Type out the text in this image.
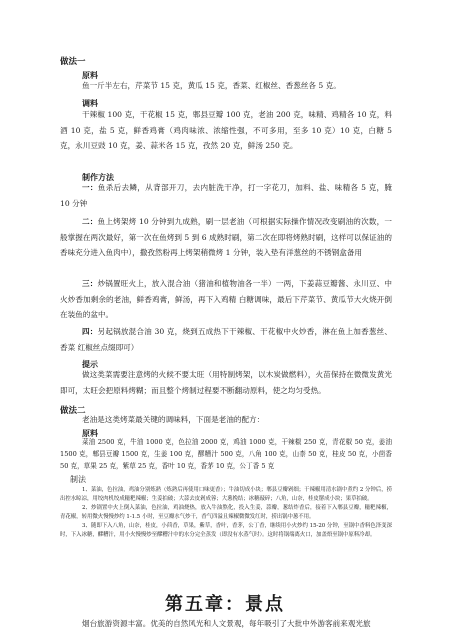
做法一
原料
鱼一斤半左右，芹菜节 15 克，黄瓜 15 克，香菜、红椒丝、香葱丝各 5 克。
调料
干辣椒 100 克，干花椒 15 克，郫县豆瓣 100 克，老油 200 克，味精、鸡精各 10 克，料酒 10 克，盐 5 克，鲜香鸡膏（鸡肉味浓、浓缩性强，不可多用，至多 10 克）10 克，白糖 5 克，永川豆豉 10 克，姜、蒜米各 15 克，孜然 20 克，鲜汤 250 克。
制作方法
一：鱼杀后去鳞，从背部开刀，去内脏洗干净，打一字花刀，加料、盐、味精各 5 克，腌 10 分钟
二：鱼上烤架烤 10 分钟到九成熟，刷一层老油（可根据实际操作情况改变刷油的次数，一般掌握在两次最好，第一次在鱼烤到 5 到 6 成熟时刷，第二次在即将烤熟时刷，这样可以保证油的香味充分进入鱼肉中），撒孜然粉再上烤架稍微烤 1 分钟，装入垫有洋葱丝的不锈钢盒备用
三：炒锅置旺火上，放入混合油（猪油和植物油各一半）一两，下姜蒜豆瓣酱、永川豆、中火炒香加剩余的老油，鲜香鸡膏，鲜汤，再下入鸡精 白糖调味，最后下芹菜节、黄瓜节大火烧开倒在装鱼的盆中。
四：另起锅放混合油 30 克，烧到五成热下干辣椒、干花椒中火炒香，淋在鱼上加香葱丝、香菜 红椒丝点缀即可）
提示
做这类菜需要注意烤的火候不要太旺（用特制烤架，以木炭做燃料），火苗保持在微微发黄光即可，太旺会把原料烤糊；而且整个烤制过程要不断翻动原料，使之均匀受热。
做法二
老油是这类烤菜最关键的调味料，下面是老油的配方：
原料
菜油 2500 克，牛油 1000 克，色拉油 2000 克，鸡油 1000 克，干辣椒 250 克，青花椒 50 克，姜油 1500 克，郫县豆瓣 1500 克，生姜 100 克，醪糟汁 500 克，八角 100 克，山柰 50 克，桂皮 50 克，小茴香 50 克，草果 25 克，紫草 25 克，香叶 10 克，香茅 10 克，公丁香 5 克
制法
1、菜油，色拉油，鸡油分别炼熟（炼熟后再使用口味更香）；牛油切成小块；郫县豆瓣剁细；干辣椒用清水锅中煮约 2 分钟后，捞出控水晾凉，用绞肉机绞成糍粑辣椒；生姜拍破；大蒜去皮剁成蓉；大葱挽结；冰糖敲碎；八角，山奈，桂皮掰成小块；果草拍破。
2、炒锅置中火上倒入菜油，色拉油，鸡油烧热，放入牛油熬化，投入生姜，蒜瓣，葱结炸香后，接着下入郫县豆瓣，糍粑辣椒，青花椒，转用微火慢慢炒约 1-1.5 小时，至豆瓣水气炒干，香气四溢且辣椒微微发红时，捞出锅中葱不用。
3、随即下入八角，山奈，桂皮，小茴香，草果，紫草，香叶，香茅，公丁香，继续用小火炒约 15-20 分钟，至锅中香料色泽变深时，下入冰糖，醪糟汁，用小火慢慢炒至醪糟汁中的水分完全蒸发（即没有水蒸气时）。这时将锅端离火口，加盖焐至锅中原料冷却。
第五章：景点
烟台旅游资源丰富。优美的自然风光和人文景观，每年吸引了大批中外游客前来观光旅
